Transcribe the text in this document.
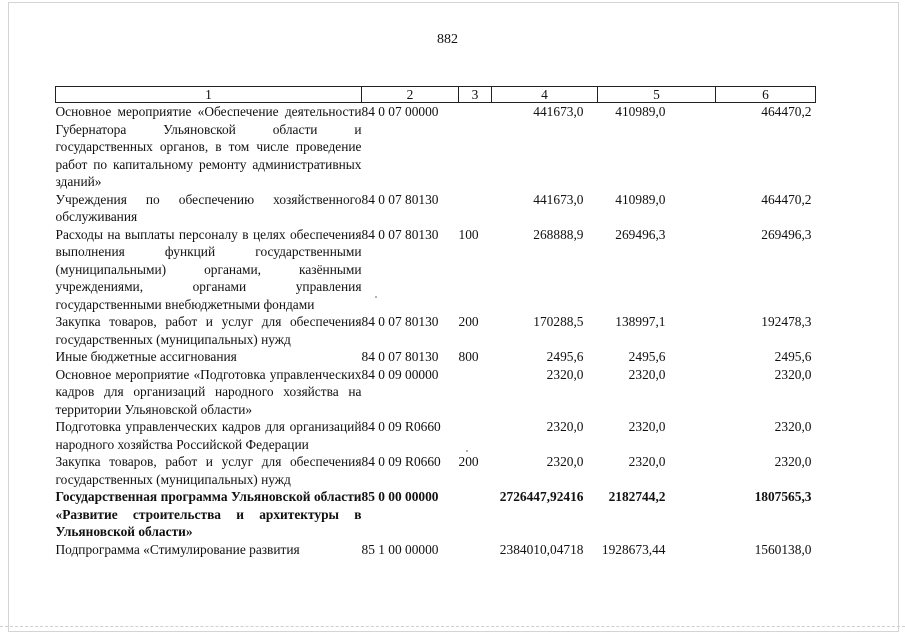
882
1	2	3	4	5	6
Основное мероприятие «Обеспечение деятельности Губернатора Ульяновской области и государственных органов, в том числе проведение работ по капитальному ремонту административных зданий»	84 0 07 00000		441673,0	410989,0	464470,2
Учреждения по обеспечению хозяйственного обслуживания	84 0 07 80130		441673,0	410989,0	464470,2
Расходы на выплаты персоналу в целях обеспечения выполнения функций государственными (муниципальными) органами, казёнными учреждениями, органами управления государственными внебюджетными фондами	84 0 07 80130	100	268888,9	269496,3	269496,3
Закупка товаров, работ и услуг для обеспечения государственных (муниципальных) нужд	84 0 07 80130	200	170288,5	138997,1	192478,3
Иные бюджетные ассигнования	84 0 07 80130	800	2495,6	2495,6	2495,6
Основное мероприятие «Подготовка управленческих кадров для организаций народного хозяйства на территории Ульяновской области»	84 0 09 00000		2320,0	2320,0	2320,0
Подготовка управленческих кадров для организаций народного хозяйства Российской Федерации	84 0 09 R0660		2320,0	2320,0	2320,0
Закупка товаров, работ и услуг для обеспечения государственных (муниципальных) нужд	84 0 09 R0660	200	2320,0	2320,0	2320,0
Государственная программа Ульяновской области «Развитие строительства и архитектуры в Ульяновской области»	85 0 00 00000		2726447,92416	2182744,2	1807565,3
Подпрограмма «Стимулирование развития	85 1 00 00000		2384010,04718	1928673,44	1560138,0
